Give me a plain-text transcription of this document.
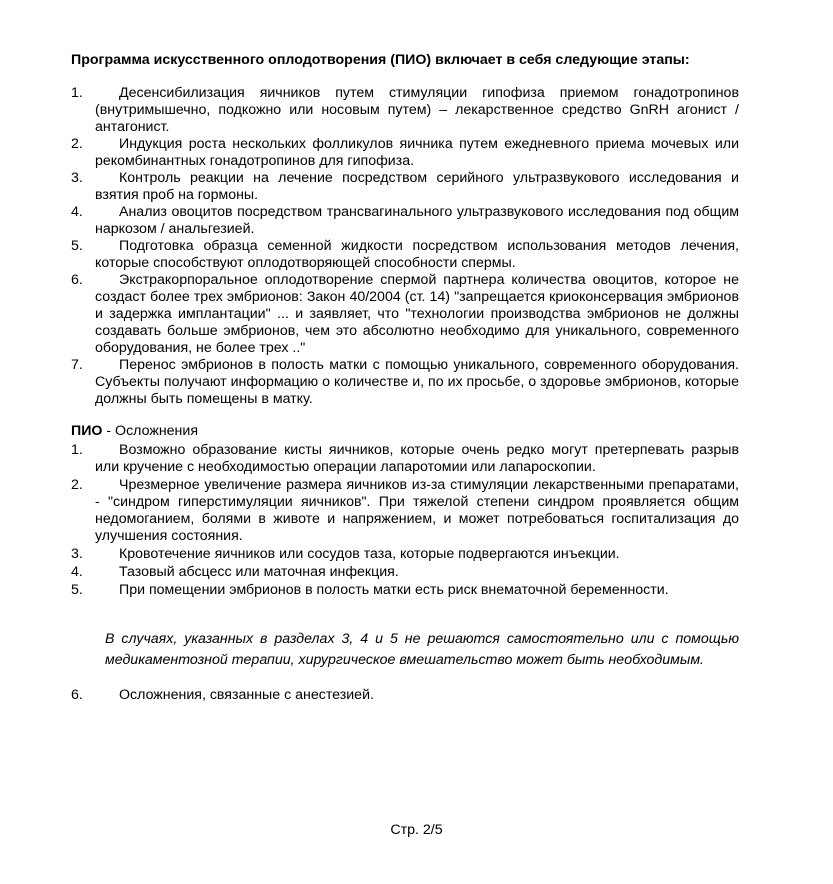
Программа искусственного оплодотворения (ПИО) включает в себя следующие этапы:
1.	Десенсибилизация яичников путем стимуляции гипофиза приемом гонадотропинов (внутримышечно, подкожно или носовым путем) – лекарственное средство GnRH агонист / антагонист.
2.	Индукция роста нескольких фолликулов яичника путем ежедневного приема мочевых или рекомбинантных гонадотропинов для гипофиза.
3.	Контроль реакции на лечение посредством серийного ультразвукового исследования и взятия проб на гормоны.
4.	Анализ овоцитов посредством трансвагинального ультразвукового исследования под общим наркозом / анальгезией.
5.	Подготовка образца семенной жидкости посредством использования методов лечения, которые способствуют оплодотворяющей способности спермы.
6.	Экстракорпоральное оплодотворение спермой партнера количества овоцитов, которое не создаст более трех эмбрионов: Закон 40/2004 (ст. 14) "запрещается криоконсервация эмбрионов и задержка имплантации" ... и заявляет, что "технологии производства эмбрионов не должны создавать больше эмбрионов, чем это абсолютно необходимо для уникального, современного оборудования, не более трех .."
7.	Перенос эмбрионов в полость матки с помощью уникального, современного оборудования. Субъекты получают информацию о количестве и, по их просьбе, о здоровье эмбрионов, которые должны быть помещены в матку.
ПИО - Осложнения
1.	Возможно образование кисты яичников, которые очень редко могут претерпевать разрыв или кручение с необходимостью операции лапаротомии или лапароскопии.
2.	Чрезмерное увеличение размера яичников из-за стимуляции лекарственными препаратами, - "синдром гиперстимуляции яичников". При тяжелой степени синдром проявляется общим недомоганием, болями в животе и напряжением, и может потребоваться госпитализация до улучшения состояния.
3.	Кровотечение яичников или сосудов таза, которые подвергаются инъекции.
4.	Тазовый абсцесс или маточная инфекция.
5.	При помещении эмбрионов в полость матки есть риск внематочной беременности.
В случаях, указанных в разделах 3, 4 и 5 не решаются самостоятельно или с помощью медикаментозной терапии, хирургическое вмешательство может быть необходимым.
6.	Осложнения, связанные с анестезией.
Стр. 2/5
